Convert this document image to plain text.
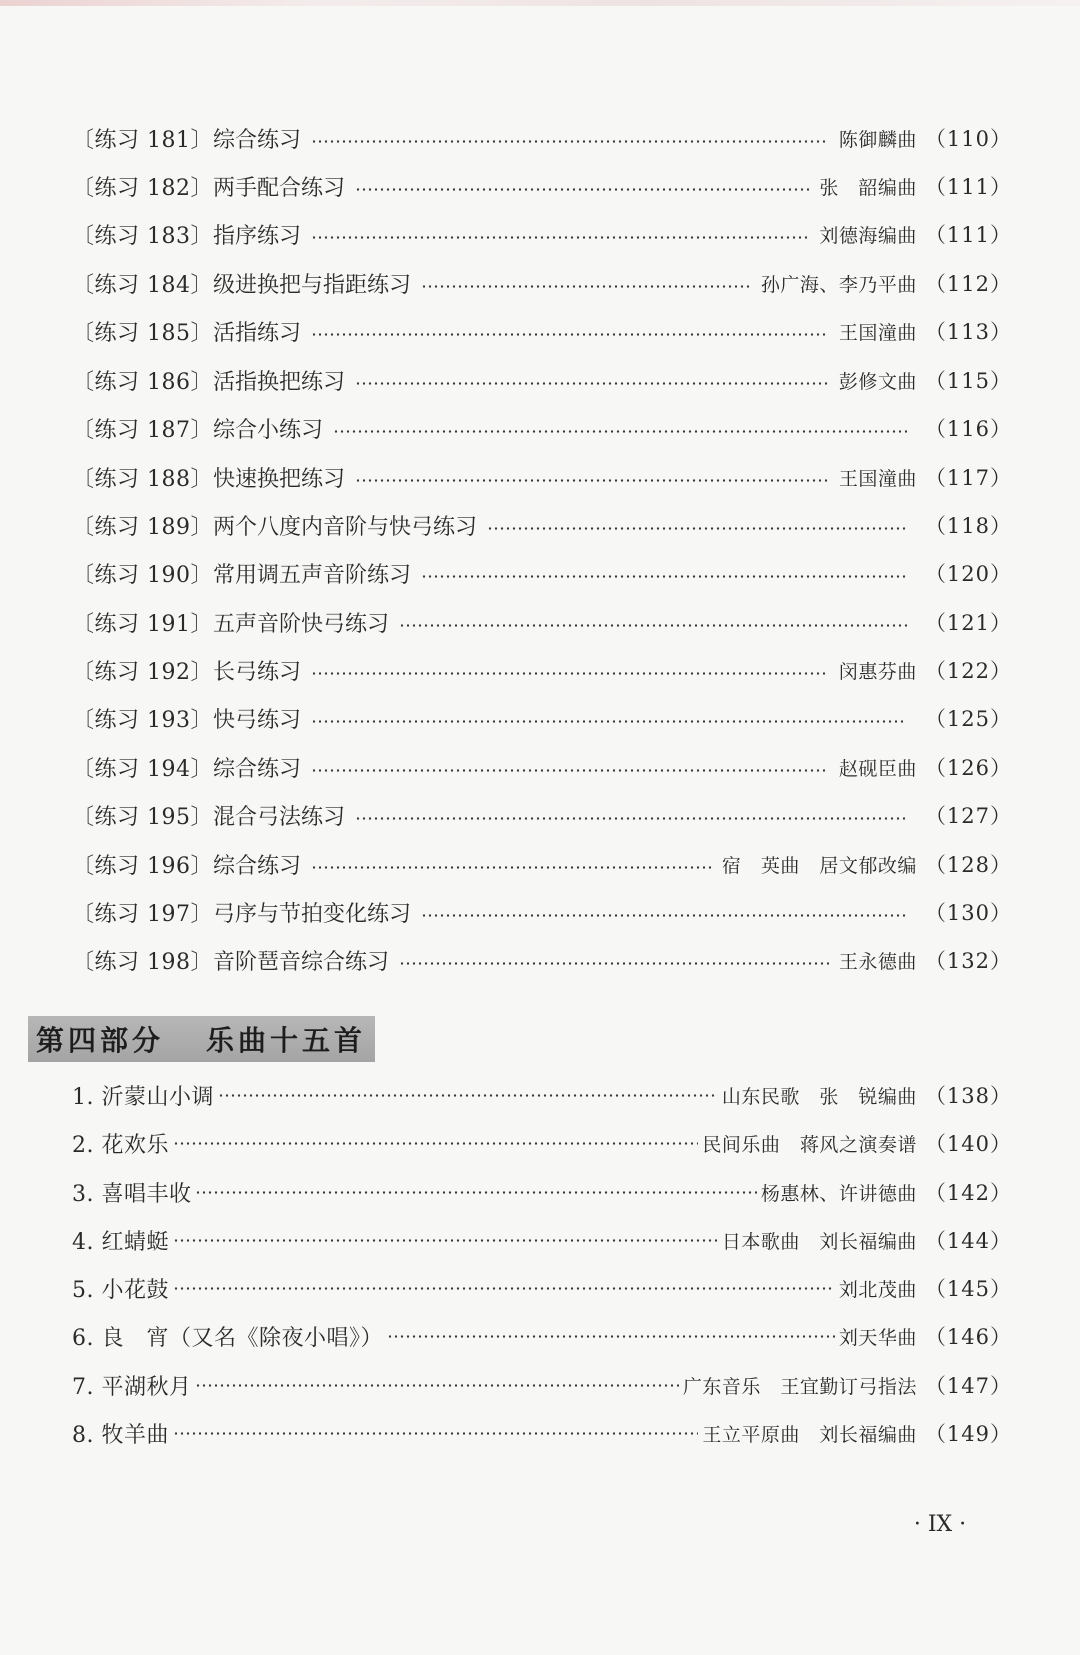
〔练习 181〕综合练习	陈御麟曲 （110）
〔练习 182〕两手配合练习	张　韶编曲 （111）
〔练习 183〕指序练习	刘德海编曲 （111）
〔练习 184〕级进换把与指距练习	孙广海、李乃平曲 （112）
〔练习 185〕活指练习	王国潼曲 （113）
〔练习 186〕活指换把练习	彭修文曲 （115）
〔练习 187〕综合小练习	（116）
〔练习 188〕快速换把练习	王国潼曲 （117）
〔练习 189〕两个八度内音阶与快弓练习	（118）
〔练习 190〕常用调五声音阶练习	（120）
〔练习 191〕五声音阶快弓练习	（121）
〔练习 192〕长弓练习	闵惠芬曲 （122）
〔练习 193〕快弓练习	（125）
〔练习 194〕综合练习	赵砚臣曲 （126）
〔练习 195〕混合弓法练习	（127）
〔练习 196〕综合练习	宿　英曲　居文郁改编 （128）
〔练习 197〕弓序与节拍变化练习	（130）
〔练习 198〕音阶琶音综合练习	王永德曲 （132）
第四部分 乐曲十五首
1. 沂蒙山小调	山东民歌　张　锐编曲 （138）
2. 花欢乐	民间乐曲　蒋风之演奏谱 （140）
3. 喜唱丰收	杨惠林、许讲德曲 （142）
4. 红蜻蜓	日本歌曲　刘长福编曲 （144）
5. 小花鼓	刘北茂曲 （145）
6. 良　宵（又名《除夜小唱》）	刘天华曲 （146）
7. 平湖秋月	广东音乐　王宜勤订弓指法 （147）
8. 牧羊曲	王立平原曲　刘长福编曲 （149）
· IX ·
